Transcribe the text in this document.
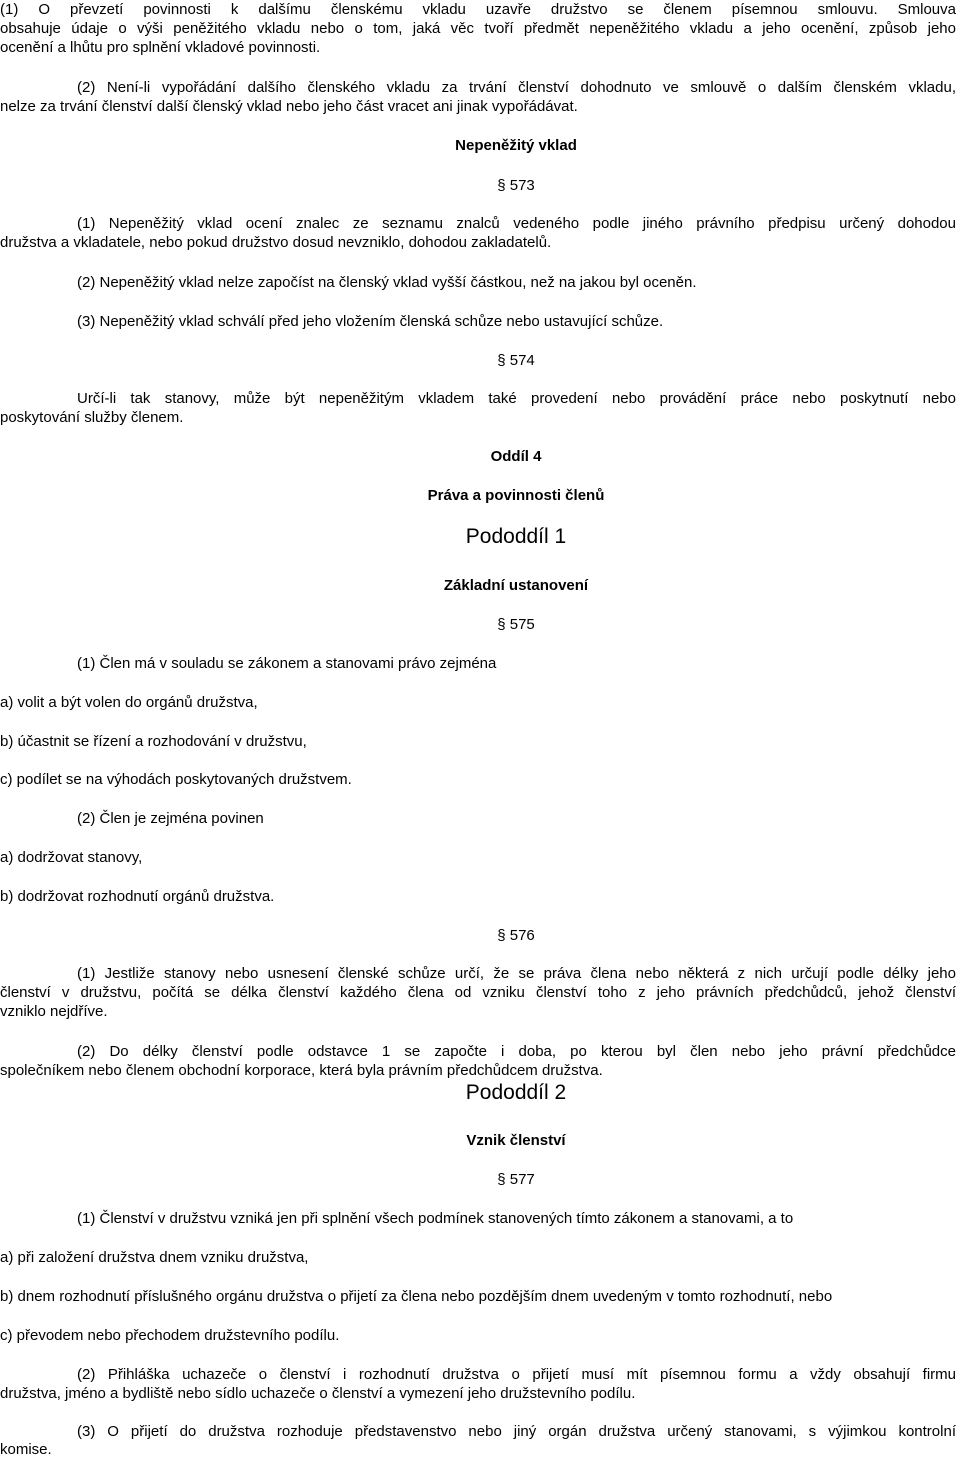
(1) O převzetí povinnosti k dalšímu členskému vkladu uzavře družstvo se členem písemnou smlouvu. Smlouva

obsahuje údaje o výši peněžitého vkladu nebo o tom, jaká věc tvoří předmět nepeněžitého vkladu a jeho ocenění, způsob jeho

ocenění a lhůtu pro splnění vkladové povinnosti.

(2) Není-li vypořádání dalšího členského vkladu za trvání členství dohodnuto ve smlouvě o dalším členském vkladu,

nelze za trvání členství další členský vklad nebo jeho část vracet ani jinak vypořádávat.

Nepeněžitý vklad

§ 573

(1) Nepeněžitý vklad ocení znalec ze seznamu znalců vedeného podle jiného právního předpisu určený dohodou

družstva a vkladatele, nebo pokud družstvo dosud nevzniklo, dohodou zakladatelů.

(2) Nepeněžitý vklad nelze započíst na členský vklad vyšší částkou, než na jakou byl oceněn.

(3) Nepeněžitý vklad schválí před jeho vložením členská schůze nebo ustavující schůze.

§ 574

Určí-li tak stanovy, může být nepeněžitým vkladem také provedení nebo provádění práce nebo poskytnutí nebo

poskytování služby členem.

Oddíl 4

Práva a povinnosti členů

Pododdíl 1

Základní ustanovení

§ 575

(1) Člen má v souladu se zákonem a stanovami právo zejména

a) volit a být volen do orgánů družstva,

b) účastnit se řízení a rozhodování v družstvu,

c) podílet se na výhodách poskytovaných družstvem.

(2) Člen je zejména povinen

a) dodržovat stanovy,

b) dodržovat rozhodnutí orgánů družstva.

§ 576

(1) Jestliže stanovy nebo usnesení členské schůze určí, že se práva člena nebo některá z nich určují podle délky jeho

členství v družstvu, počítá se délka členství každého člena od vzniku členství toho z jeho právních předchůdců, jehož členství

vzniklo nejdříve.

(2) Do délky členství podle odstavce 1 se započte i doba, po kterou byl člen nebo jeho právní předchůdce

společníkem nebo členem obchodní korporace, která byla právním předchůdcem družstva.

Pododdíl 2

Vznik členství

§ 577

(1) Členství v družstvu vzniká jen při splnění všech podmínek stanovených tímto zákonem a stanovami, a to

a) při založení družstva dnem vzniku družstva,

b) dnem rozhodnutí příslušného orgánu družstva o přijetí za člena nebo pozdějším dnem uvedeným v tomto rozhodnutí, nebo

c) převodem nebo přechodem družstevního podílu.

(2) Přihláška uchazeče o členství i rozhodnutí družstva o přijetí musí mít písemnou formu a vždy obsahují firmu

družstva, jméno a bydliště nebo sídlo uchazeče o členství a vymezení jeho družstevního podílu.

(3) O přijetí do družstva rozhoduje představenstvo nebo jiný orgán družstva určený stanovami, s výjimkou kontrolní

komise.
